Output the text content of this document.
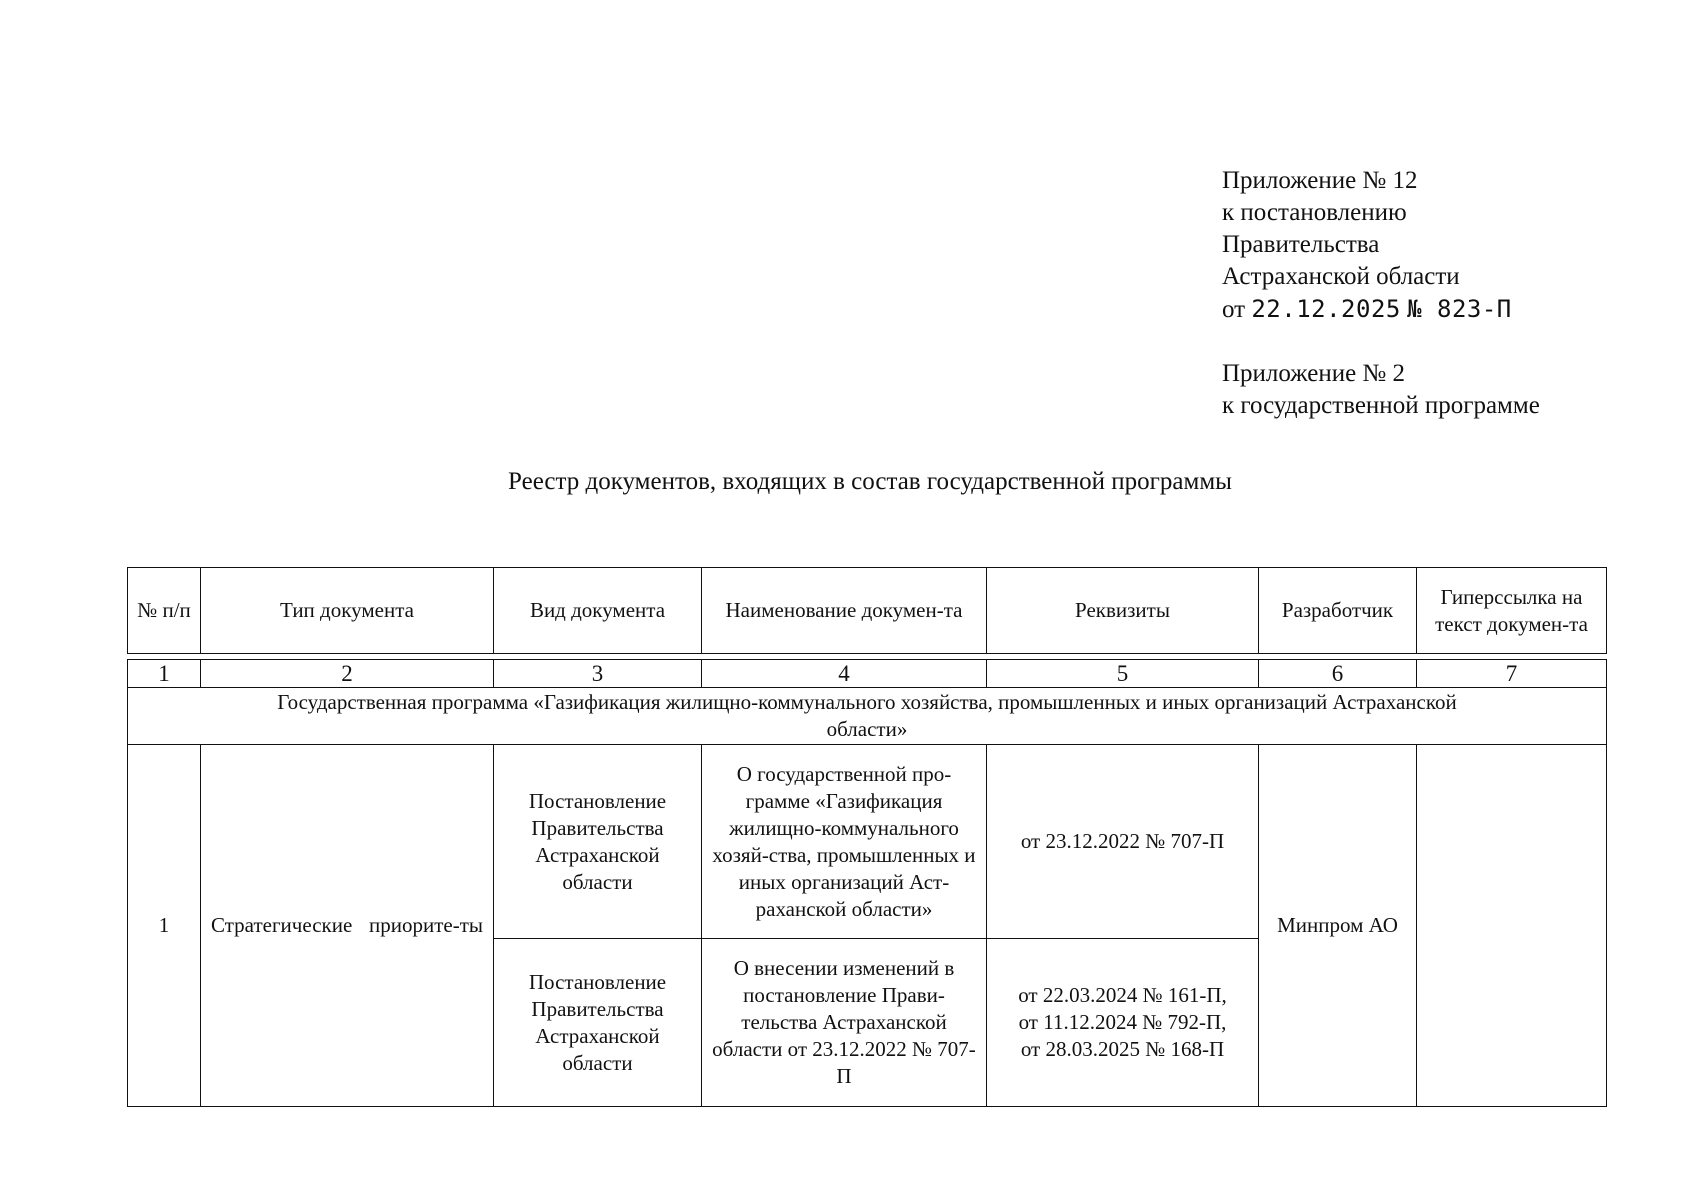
Приложение № 12
к постановлению
Правительства
Астраханской области
от 22.12.2025 № 823-П
Приложение № 2
к государственной программе
Реестр документов, входящих в состав государственной программы
№ п/п	Тип документа	Вид документа	Наименование докумен-та	Реквизиты	Разработчик	Гиперссылка на текст докумен-та
1	2	3	4	5	6	7
Государственная программа «Газификация жилищно-коммунального хозяйства, промышленных и иных организаций Астраханской области»						
1	Стратегические приорите-ты	Постановление Правительства Астраханской области	О государственной про-грамме «Газификация жилищно-коммунального хозяй-ства, промышленных и иных организаций Аст-раханской области»	от 23.12.2022 № 707-П	Минпром АО	
		Постановление Правительства Астраханской области	О внесении изменений в постановление Прави-тельства Астраханской области от 23.12.2022 № 707-П	от 22.03.2024 № 161-П,
от 11.12.2024 № 792-П,
от 28.03.2025 № 168-П		
